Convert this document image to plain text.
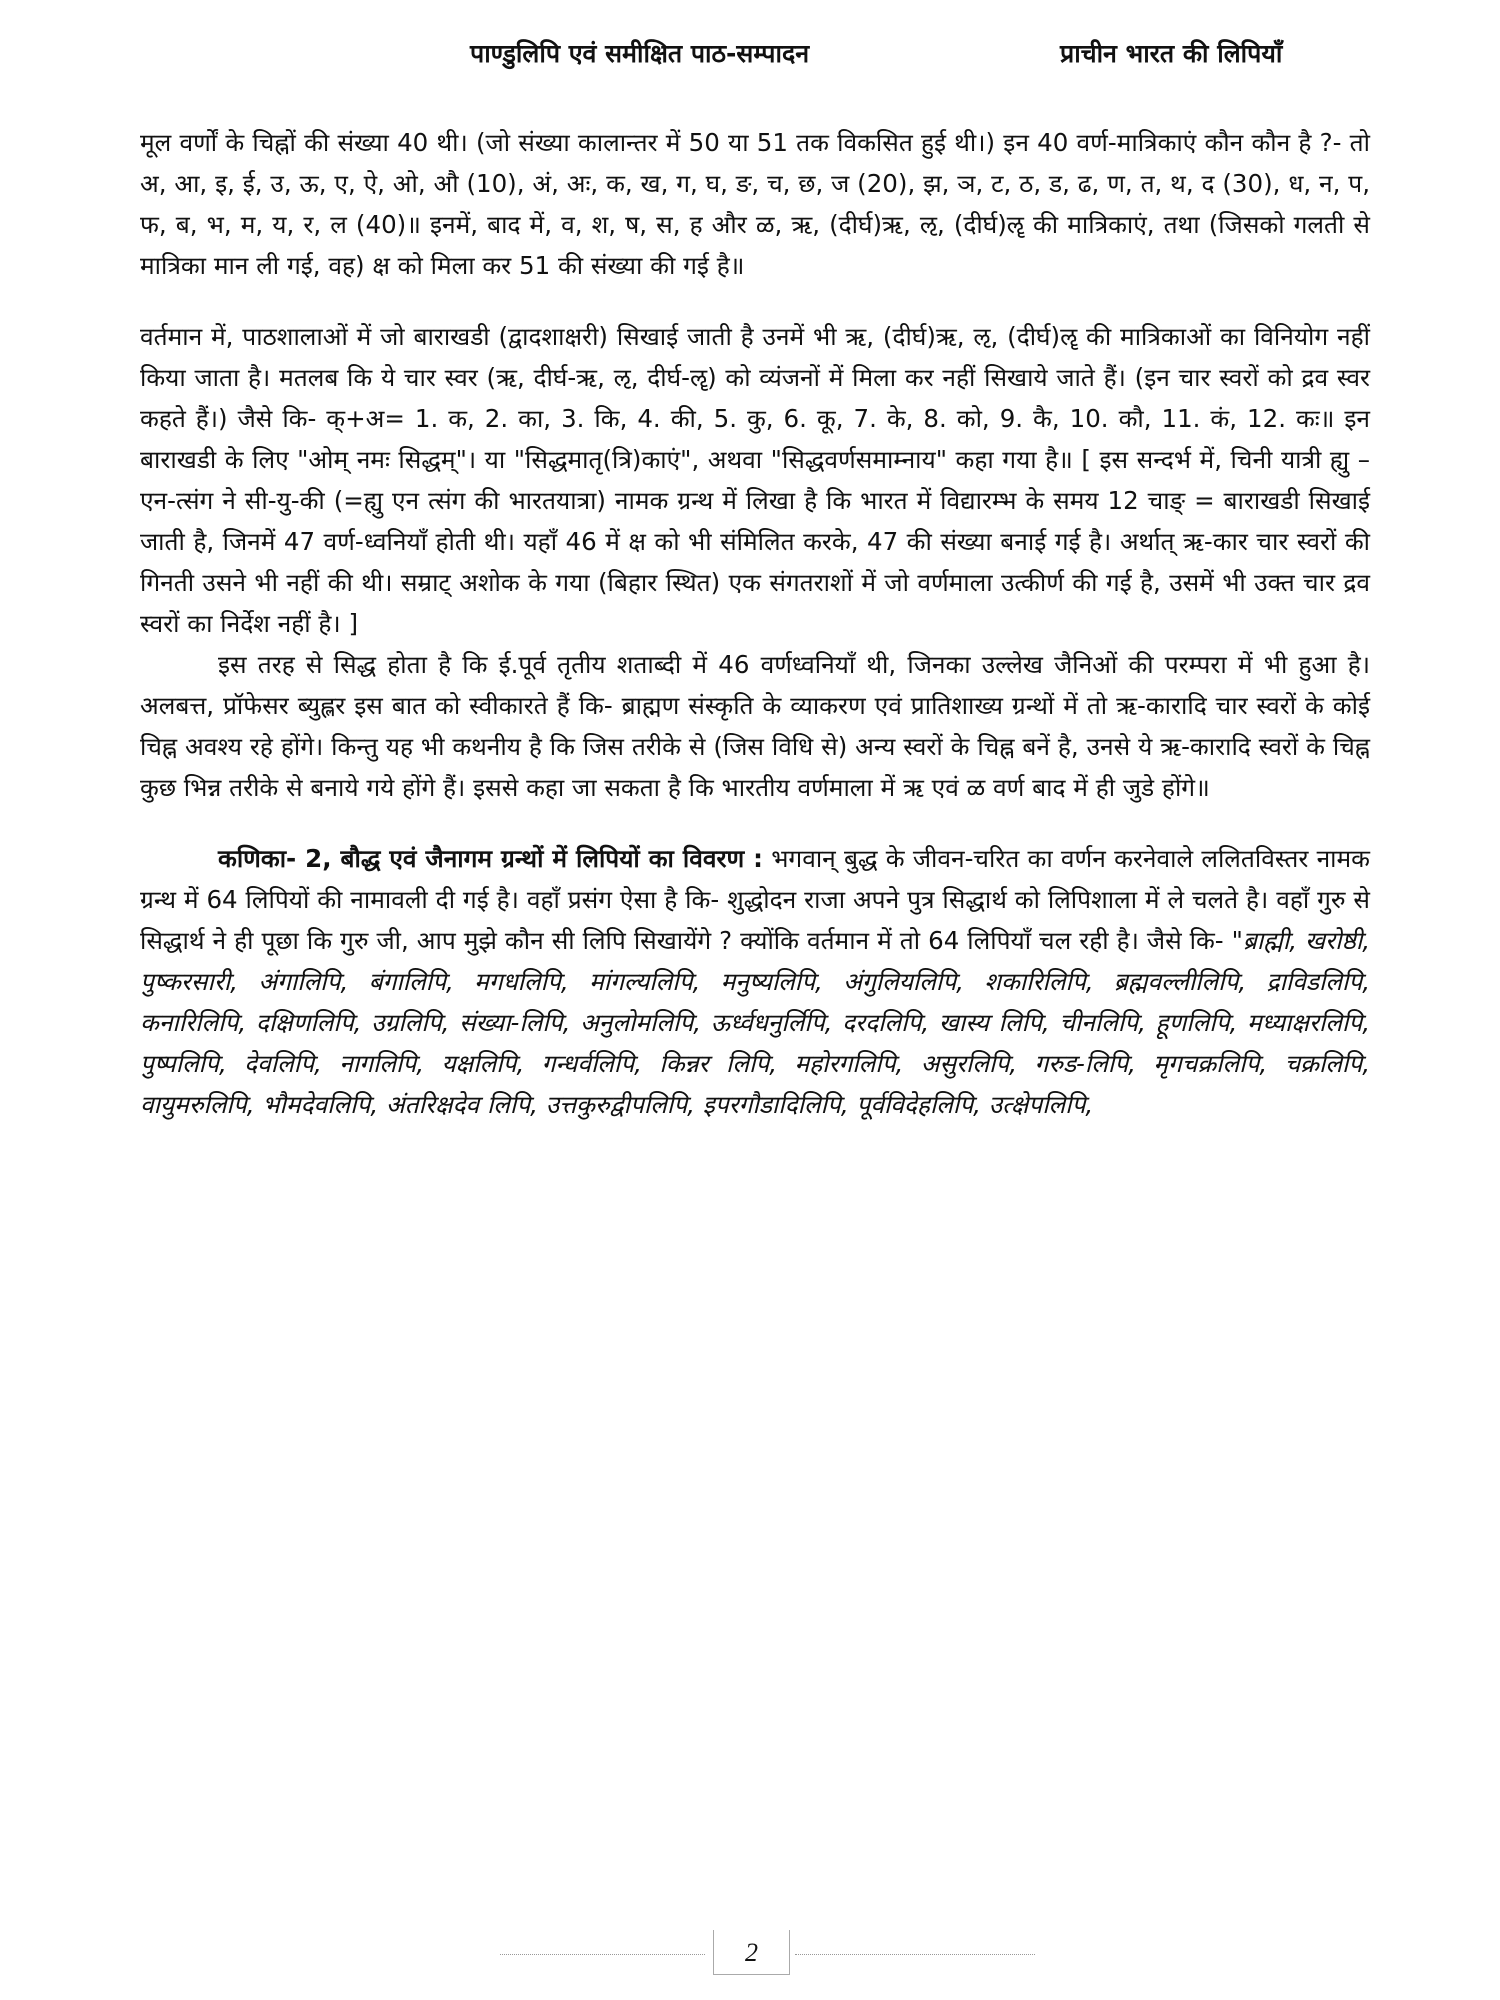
पाण्डुलिपि एवं समीक्षित पाठ-सम्पादन	प्राचीन भारत की लिपियाँ

मूल वर्णों के चिह्नों की संख्या 40 थी। (जो संख्या कालान्तर में 50 या 51 तक विकसित हुई थी।) इन 40 वर्ण-मात्रिकाएं कौन कौन है ?- तो अ, आ, इ, ई, उ, ऊ, ए, ऐ, ओ, औ (10), अं, अः, क, ख, ग, घ, ङ, च, छ, ज (20), झ, ञ, ट, ठ, ड, ढ, ण, त, थ, द (30), ध, न, प, फ, ब, भ, म, य, र, ल (40)॥ इनमें, बाद में, व, श, ष, स, ह और ळ, ऋ, (दीर्घ)ऋ, ऌ, (दीर्घ)ॡ की मात्रिकाएं, तथा (जिसको गलती से मात्रिका मान ली गई, वह) क्ष को मिला कर 51 की संख्या की गई है॥

वर्तमान में, पाठशालाओं में जो बाराखडी (द्वादशाक्षरी) सिखाई जाती है उनमें भी ऋ, (दीर्घ)ऋ, ऌ, (दीर्घ)ॡ की मात्रिकाओं का विनियोग नहीं किया जाता है। मतलब कि ये चार स्वर (ऋ, दीर्घ-ऋ, ऌ, दीर्घ-ॡ) को व्यंजनों में मिला कर नहीं सिखाये जाते हैं। (इन चार स्वरों को द्रव स्वर कहते हैं।) जैसे कि- क्+अ= 1. क, 2. का, 3. कि, 4. की, 5. कु, 6. कू, 7. के, 8. को, 9. कै, 10. कौ, 11. कं, 12. कः॥ इन बाराखडी के लिए "ओम् नमः सिद्धम्"। या "सिद्धमातृ(त्रि)काएं", अथवा "सिद्धवर्णसमाम्नाय" कहा गया है॥ [ इस सन्दर्भ में, चिनी यात्री ह्यु –एन-त्संग ने सी-यु-की (=ह्यु एन त्संग की भारतयात्रा) नामक ग्रन्थ में लिखा है कि भारत में विद्यारम्भ के समय 12 चाङ् = बाराखडी सिखाई जाती है, जिनमें 47 वर्ण-ध्वनियाँ होती थी। यहाँ 46 में क्ष को भी संमिलित करके, 47 की संख्या बनाई गई है। अर्थात् ऋ-कार चार स्वरों की गिनती उसने भी नहीं की थी। सम्राट् अशोक के गया (बिहार स्थित) एक संगतराशों में जो वर्णमाला उत्कीर्ण की गई है, उसमें भी उक्त चार द्रव स्वरों का निर्देश नहीं है। ]

इस तरह से सिद्ध होता है कि ई.पूर्व तृतीय शताब्दी में 46 वर्णध्वनियाँ थी, जिनका उल्लेख जैनिओं की परम्परा में भी हुआ है। अलबत्त, प्रॉफेसर ब्युह्लर इस बात को स्वीकारते हैं कि- ब्राह्मण संस्कृति के व्याकरण एवं प्रातिशाख्य ग्रन्थों में तो ऋ-कारादि चार स्वरों के कोई चिह्न अवश्य रहे होंगे। किन्तु यह भी कथनीय है कि जिस तरीके से (जिस विधि से) अन्य स्वरों के चिह्न बनें है, उनसे ये ऋ-कारादि स्वरों के चिह्न कुछ भिन्न तरीके से बनाये गये होंगे हैं। इससे कहा जा सकता है कि भारतीय वर्णमाला में ऋ एवं ळ वर्ण बाद में ही जुडे होंगे॥

कणिका- 2, बौद्ध एवं जैनागम ग्रन्थों में लिपियों का विवरण : भगवान् बुद्ध के जीवन-चरित का वर्णन करनेवाले ललितविस्तर नामक ग्रन्थ में 64 लिपियों की नामावली दी गई है। वहाँ प्रसंग ऐसा है कि- शुद्धोदन राजा अपने पुत्र सिद्धार्थ को लिपिशाला में ले चलते है। वहाँ गुरु से सिद्धार्थ ने ही पूछा कि गुरु जी, आप मुझे कौन सी लिपि सिखायेंगे ? क्योंकि वर्तमान में तो 64 लिपियाँ चल रही है। जैसे कि- "ब्राह्मी, खरोष्ठी, पुष्करसारी, अंगालिपि, बंगालिपि, मगधलिपि, मांगल्यलिपि, मनुष्यलिपि, अंगुलियलिपि, शकारिलिपि, ब्रह्मवल्लीलिपि, द्राविडलिपि, कनारिलिपि, दक्षिणलिपि, उग्रलिपि, संख्या-लिपि, अनुलोमलिपि, ऊर्ध्वधनुर्लिपि, दरदलिपि, खास्य लिपि, चीनलिपि, हूणलिपि, मध्याक्षरलिपि, पुष्पलिपि, देवलिपि, नागलिपि, यक्षलिपि, गन्धर्वलिपि, किन्नर लिपि, महोरगलिपि, असुरलिपि, गरुड-लिपि, मृगचक्रलिपि, चक्रलिपि, वायुमरुलिपि, भौमदेवलिपि, अंतरिक्षदेव लिपि, उत्तकुरुद्वीपलिपि, इपरगौडादिलिपि, पूर्वविदेहलिपि, उत्क्षेपलिपि,

2
